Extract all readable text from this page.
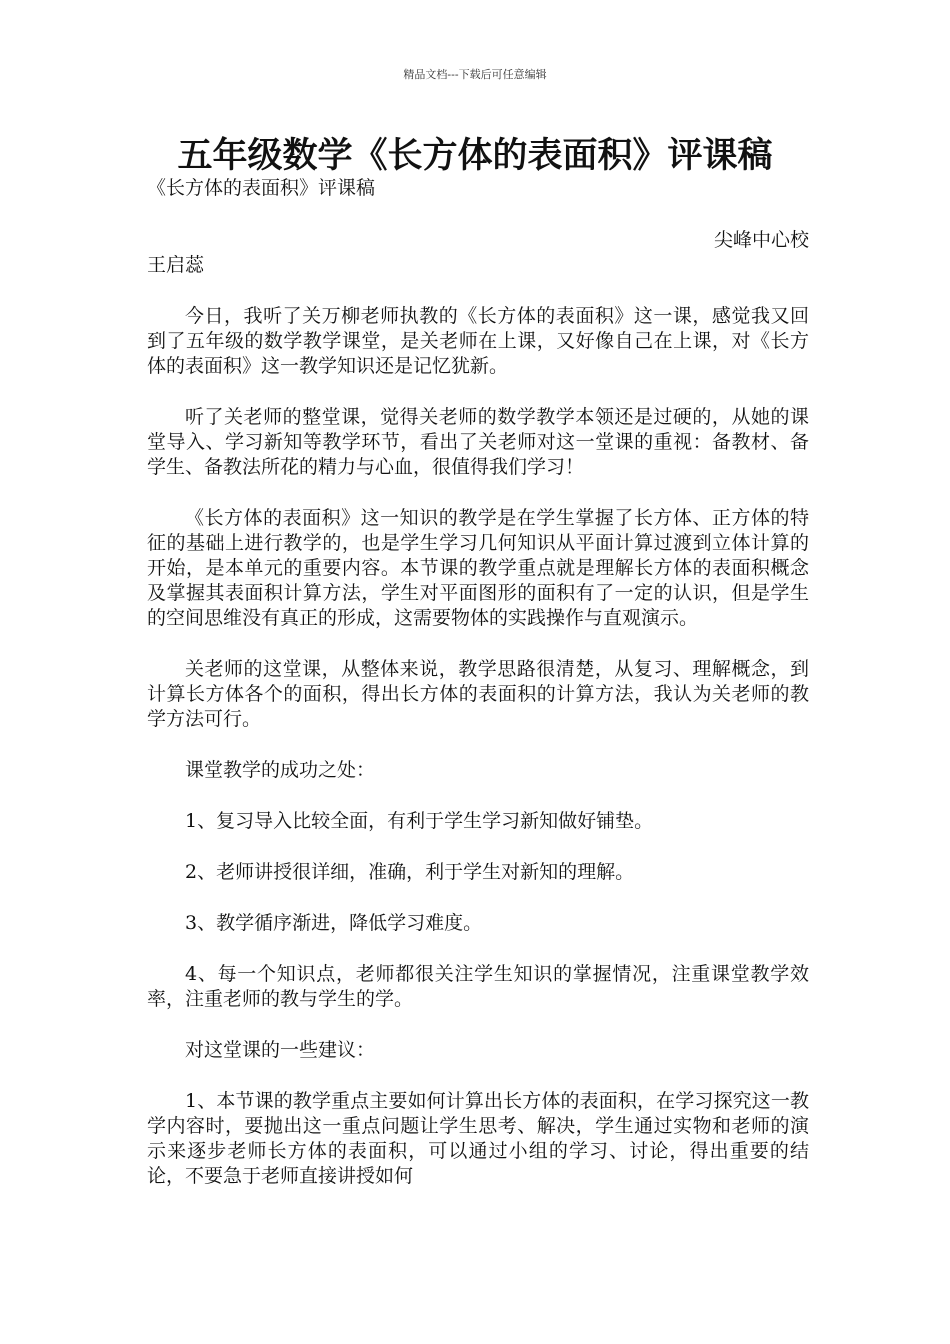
精品文档---下载后可任意编辑
五年级数学《长方体的表面积》评课稿

《长方体的表面积》评课稿

尖峰中心校

王启蕊

今日，我听了关万柳老师执教的《长方体的表面积》这一课，感觉我又回到了五年级的数学教学课堂，是关老师在上课，又好像自己在上课，对《长方体的表面积》这一教学知识还是记忆犹新。

听了关老师的整堂课，觉得关老师的数学教学本领还是过硬的，从她的课堂导入、学习新知等教学环节，看出了关老师对这一堂课的重视：备教材、备学生、备教法所花的精力与心血，很值得我们学习！

《长方体的表面积》这一知识的教学是在学生掌握了长方体、正方体的特征的基础上进行教学的，也是学生学习几何知识从平面计算过渡到立体计算的开始，是本单元的重要内容。本节课的教学重点就是理解长方体的表面积概念及掌握其表面积计算方法，学生对平面图形的面积有了一定的认识，但是学生的空间思维没有真正的形成，这需要物体的实践操作与直观演示。

关老师的这堂课，从整体来说，教学思路很清楚，从复习、理解概念，到计算长方体各个的面积，得出长方体的表面积的计算方法，我认为关老师的教学方法可行。

课堂教学的成功之处：

1、复习导入比较全面，有利于学生学习新知做好铺垫。

2、老师讲授很详细，准确，利于学生对新知的理解。

3、教学循序渐进，降低学习难度。

4、每一个知识点，老师都很关注学生知识的掌握情况，注重课堂教学效率，注重老师的教与学生的学。

对这堂课的一些建议：

1、本节课的教学重点主要如何计算出长方体的表面积，在学习探究这一教学内容时，要抛出这一重点问题让学生思考、解决，学生通过实物和老师的演示来逐步老师长方体的表面积，可以通过小组的学习、讨论，得出重要的结论，不要急于老师直接讲授如何
